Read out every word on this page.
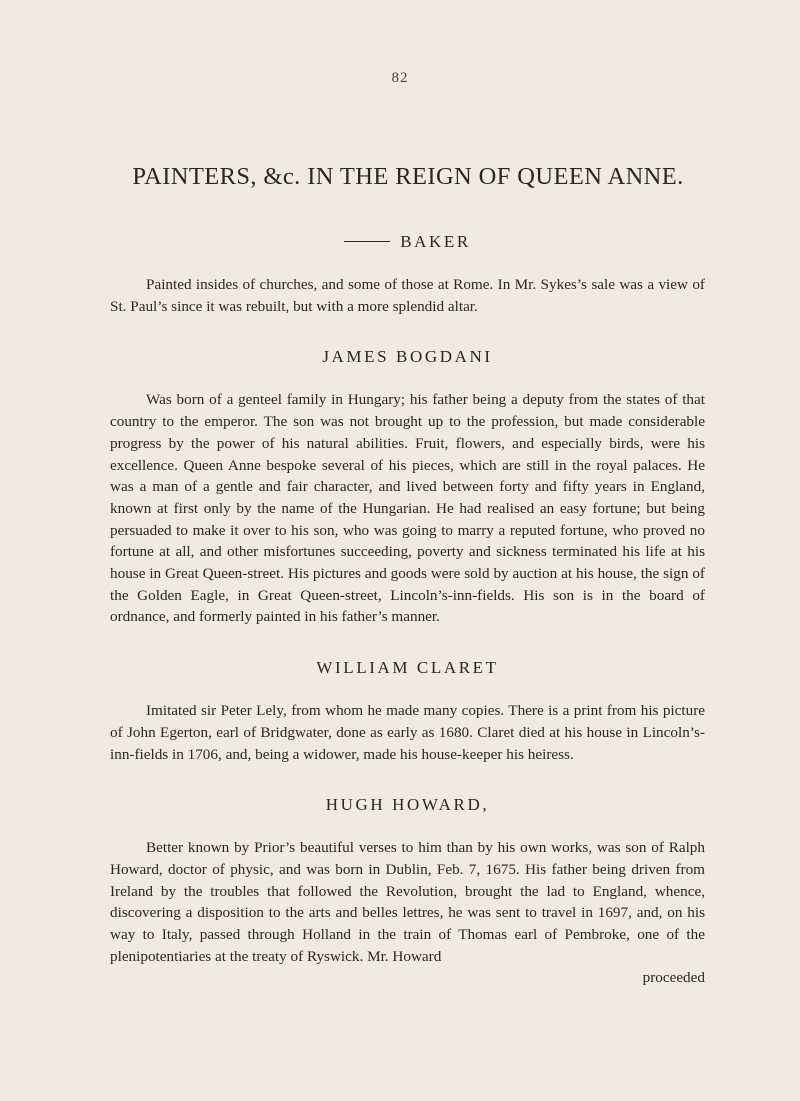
82
PAINTERS, &c. IN THE REIGN OF QUEEN ANNE.

BAKER

Painted insides of churches, and some of those at Rome. In Mr. Sykes’s sale was a view of St. Paul’s since it was rebuilt, but with a more splendid altar.

JAMES BOGDANI

Was born of a genteel family in Hungary; his father being a deputy from the states of that country to the emperor. The son was not brought up to the profession, but made considerable progress by the power of his natural abilities. Fruit, flowers, and especially birds, were his excellence. Queen Anne bespoke several of his pieces, which are still in the royal palaces. He was a man of a gentle and fair character, and lived between forty and fifty years in England, known at first only by the name of the Hungarian. He had realised an easy fortune; but being persuaded to make it over to his son, who was going to marry a reputed fortune, who proved no fortune at all, and other misfortunes succeeding, poverty and sickness terminated his life at his house in Great Queen-street. His pictures and goods were sold by auction at his house, the sign of the Golden Eagle, in Great Queen-street, Lincoln’s-inn-fields. His son is in the board of ordnance, and formerly painted in his father’s manner.

WILLIAM CLARET

Imitated sir Peter Lely, from whom he made many copies. There is a print from his picture of John Egerton, earl of Bridgwater, done as early as 1680. Claret died at his house in Lincoln’s-inn-fields in 1706, and, being a widower, made his house-keeper his heiress.

HUGH HOWARD,

Better known by Prior’s beautiful verses to him than by his own works, was son of Ralph Howard, doctor of physic, and was born in Dublin, Feb. 7, 1675. His father being driven from Ireland by the troubles that followed the Revolution, brought the lad to England, whence, discovering a disposition to the arts and belles lettres, he was sent to travel in 1697, and, on his way to Italy, passed through Holland in the train of Thomas earl of Pembroke, one of the plenipotentiaries at the treaty of Ryswick. Mr. Howard

proceeded
